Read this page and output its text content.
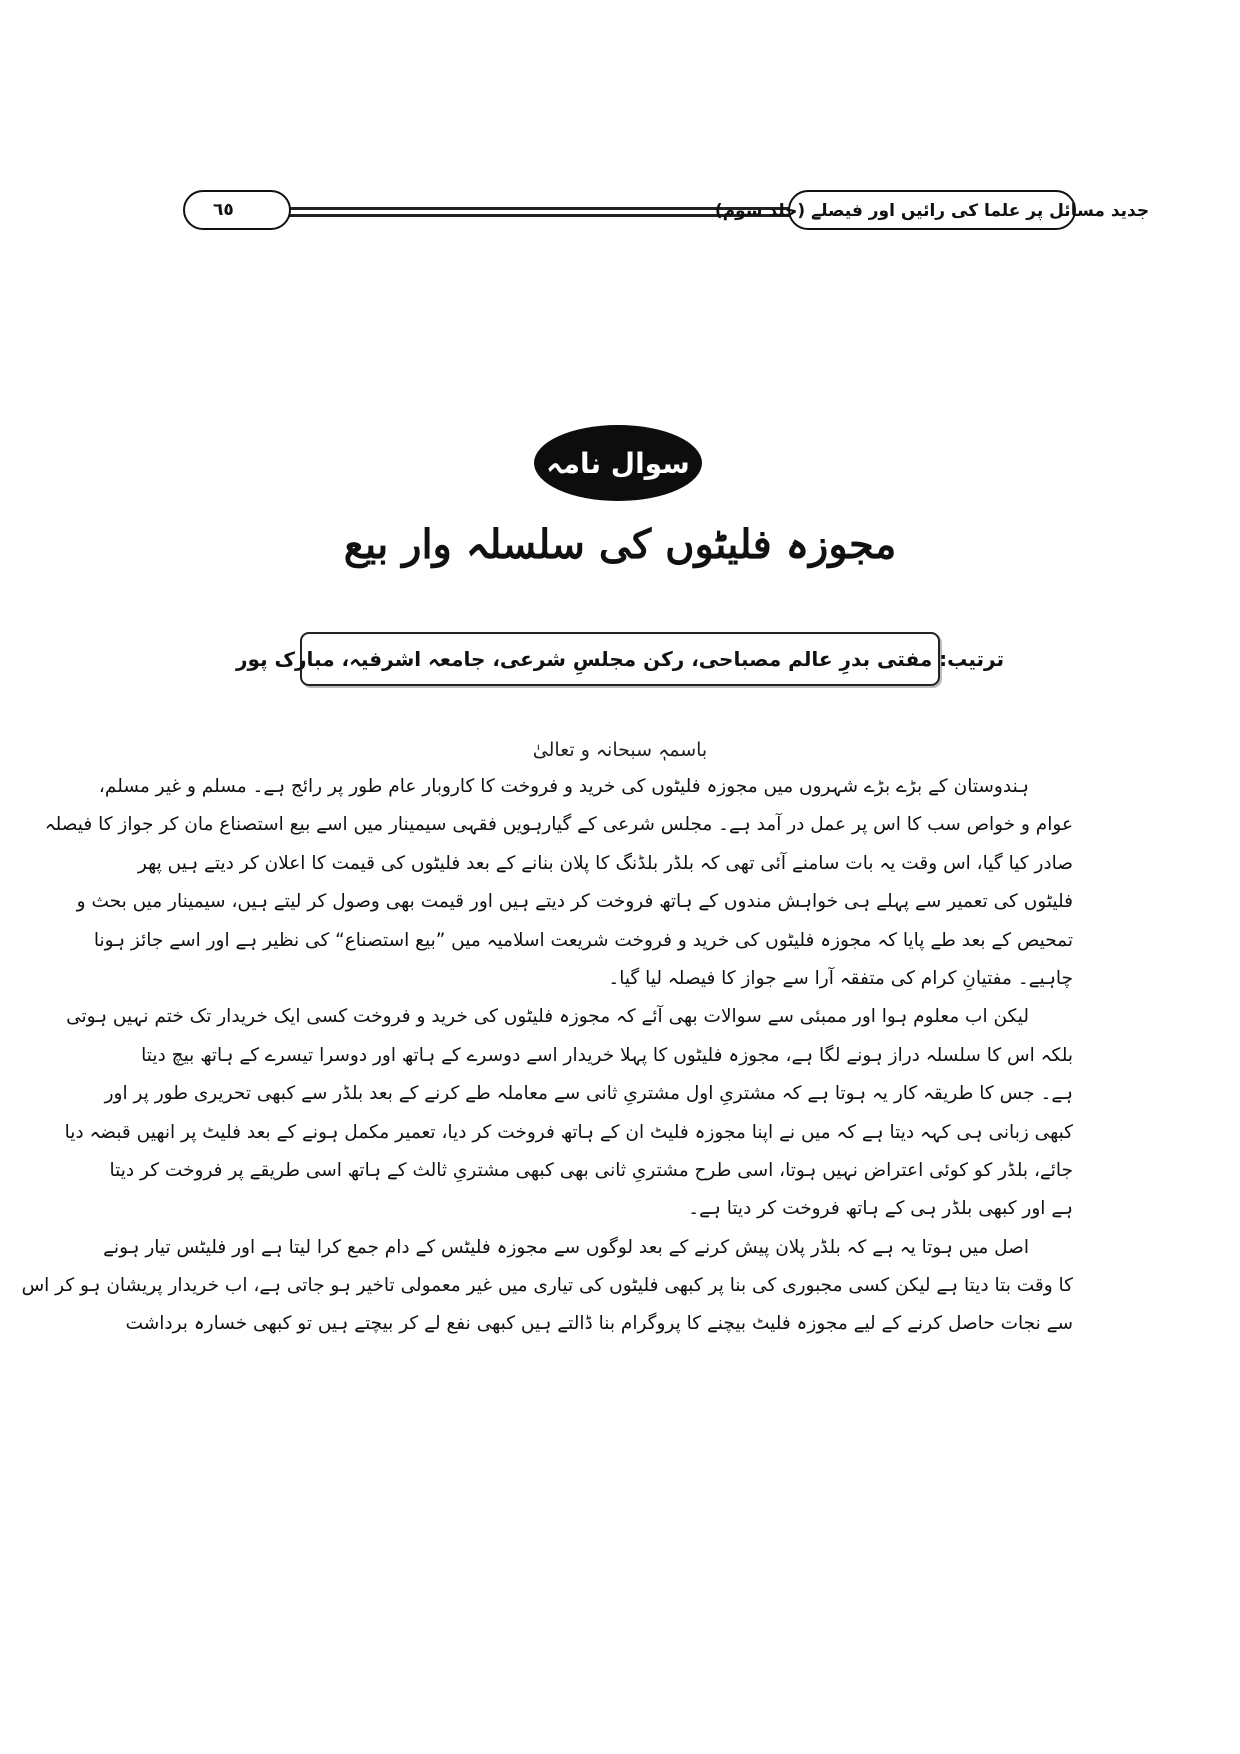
٦٥	جدید مسائل پر علما کی رائیں اور فیصلے (جلد سوم)
سوال نامہ
مجوزہ فلیٹوں کی سلسلہ وار بیع
ترتیب: مفتی بدرِ عالم مصباحی، رکن مجلسِ شرعی، جامعہ اشرفیہ، مبارک پور
باسمہٖ سبحانہ و تعالیٰ
ہندوستان کے بڑے بڑے شہروں میں مجوزہ فلیٹوں کی خرید و فروخت کا کاروبار عام طور پر رائج ہے۔ مسلم و غیر مسلم،
عوام و خواص سب کا اس پر عمل در آمد ہے۔ مجلس شرعی کے گیارہویں فقہی سیمینار میں اسے بیع استصناع مان کر جواز کا فیصلہ
صادر کیا گیا، اس وقت یہ بات سامنے آئی تھی کہ بلڈر بلڈنگ کا پلان بنانے کے بعد فلیٹوں کی قیمت کا اعلان کر دیتے ہیں پھر
فلیٹوں کی تعمیر سے پہلے ہی خواہش مندوں کے ہاتھ فروخت کر دیتے ہیں اور قیمت بھی وصول کر لیتے ہیں، سیمینار میں بحث و
تمحیص کے بعد طے پایا کہ مجوزہ فلیٹوں کی خرید و فروخت شریعت اسلامیہ میں ”بیع استصناع“ کی نظیر ہے اور اسے جائز ہونا
چاہیے۔ مفتیانِ کرام کی متفقہ آرا سے جواز کا فیصلہ لیا گیا۔
لیکن اب معلوم ہوا اور ممبئی سے سوالات بھی آئے کہ مجوزہ فلیٹوں کی خرید و فروخت کسی ایک خریدار تک ختم نہیں ہوتی
بلکہ اس کا سلسلہ دراز ہونے لگا ہے، مجوزہ فلیٹوں کا پہلا خریدار اسے دوسرے کے ہاتھ اور دوسرا تیسرے کے ہاتھ بیچ دیتا
ہے۔ جس کا طریقہ کار یہ ہوتا ہے کہ مشتریِ اول مشتریِ ثانی سے معاملہ طے کرنے کے بعد بلڈر سے کبھی تحریری طور پر اور
کبھی زبانی ہی کہہ دیتا ہے کہ میں نے اپنا مجوزہ فلیٹ ان کے ہاتھ فروخت کر دیا، تعمیر مکمل ہونے کے بعد فلیٹ پر انھیں قبضہ دیا
جائے، بلڈر کو کوئی اعتراض نہیں ہوتا، اسی طرح مشتریِ ثانی بھی کبھی مشتریِ ثالث کے ہاتھ اسی طریقے پر فروخت کر دیتا
ہے اور کبھی بلڈر ہی کے ہاتھ فروخت کر دیتا ہے۔
اصل میں ہوتا یہ ہے کہ بلڈر پلان پیش کرنے کے بعد لوگوں سے مجوزہ فلیٹس کے دام جمع کرا لیتا ہے اور فلیٹس تیار ہونے
کا وقت بتا دیتا ہے لیکن کسی مجبوری کی بنا پر کبھی فلیٹوں کی تیاری میں غیر معمولی تاخیر ہو جاتی ہے، اب خریدار پریشان ہو کر اس
سے نجات حاصل کرنے کے لیے مجوزہ فلیٹ بیچنے کا پروگرام بنا ڈالتے ہیں کبھی نفع لے کر بیچتے ہیں تو کبھی خسارہ برداشت
